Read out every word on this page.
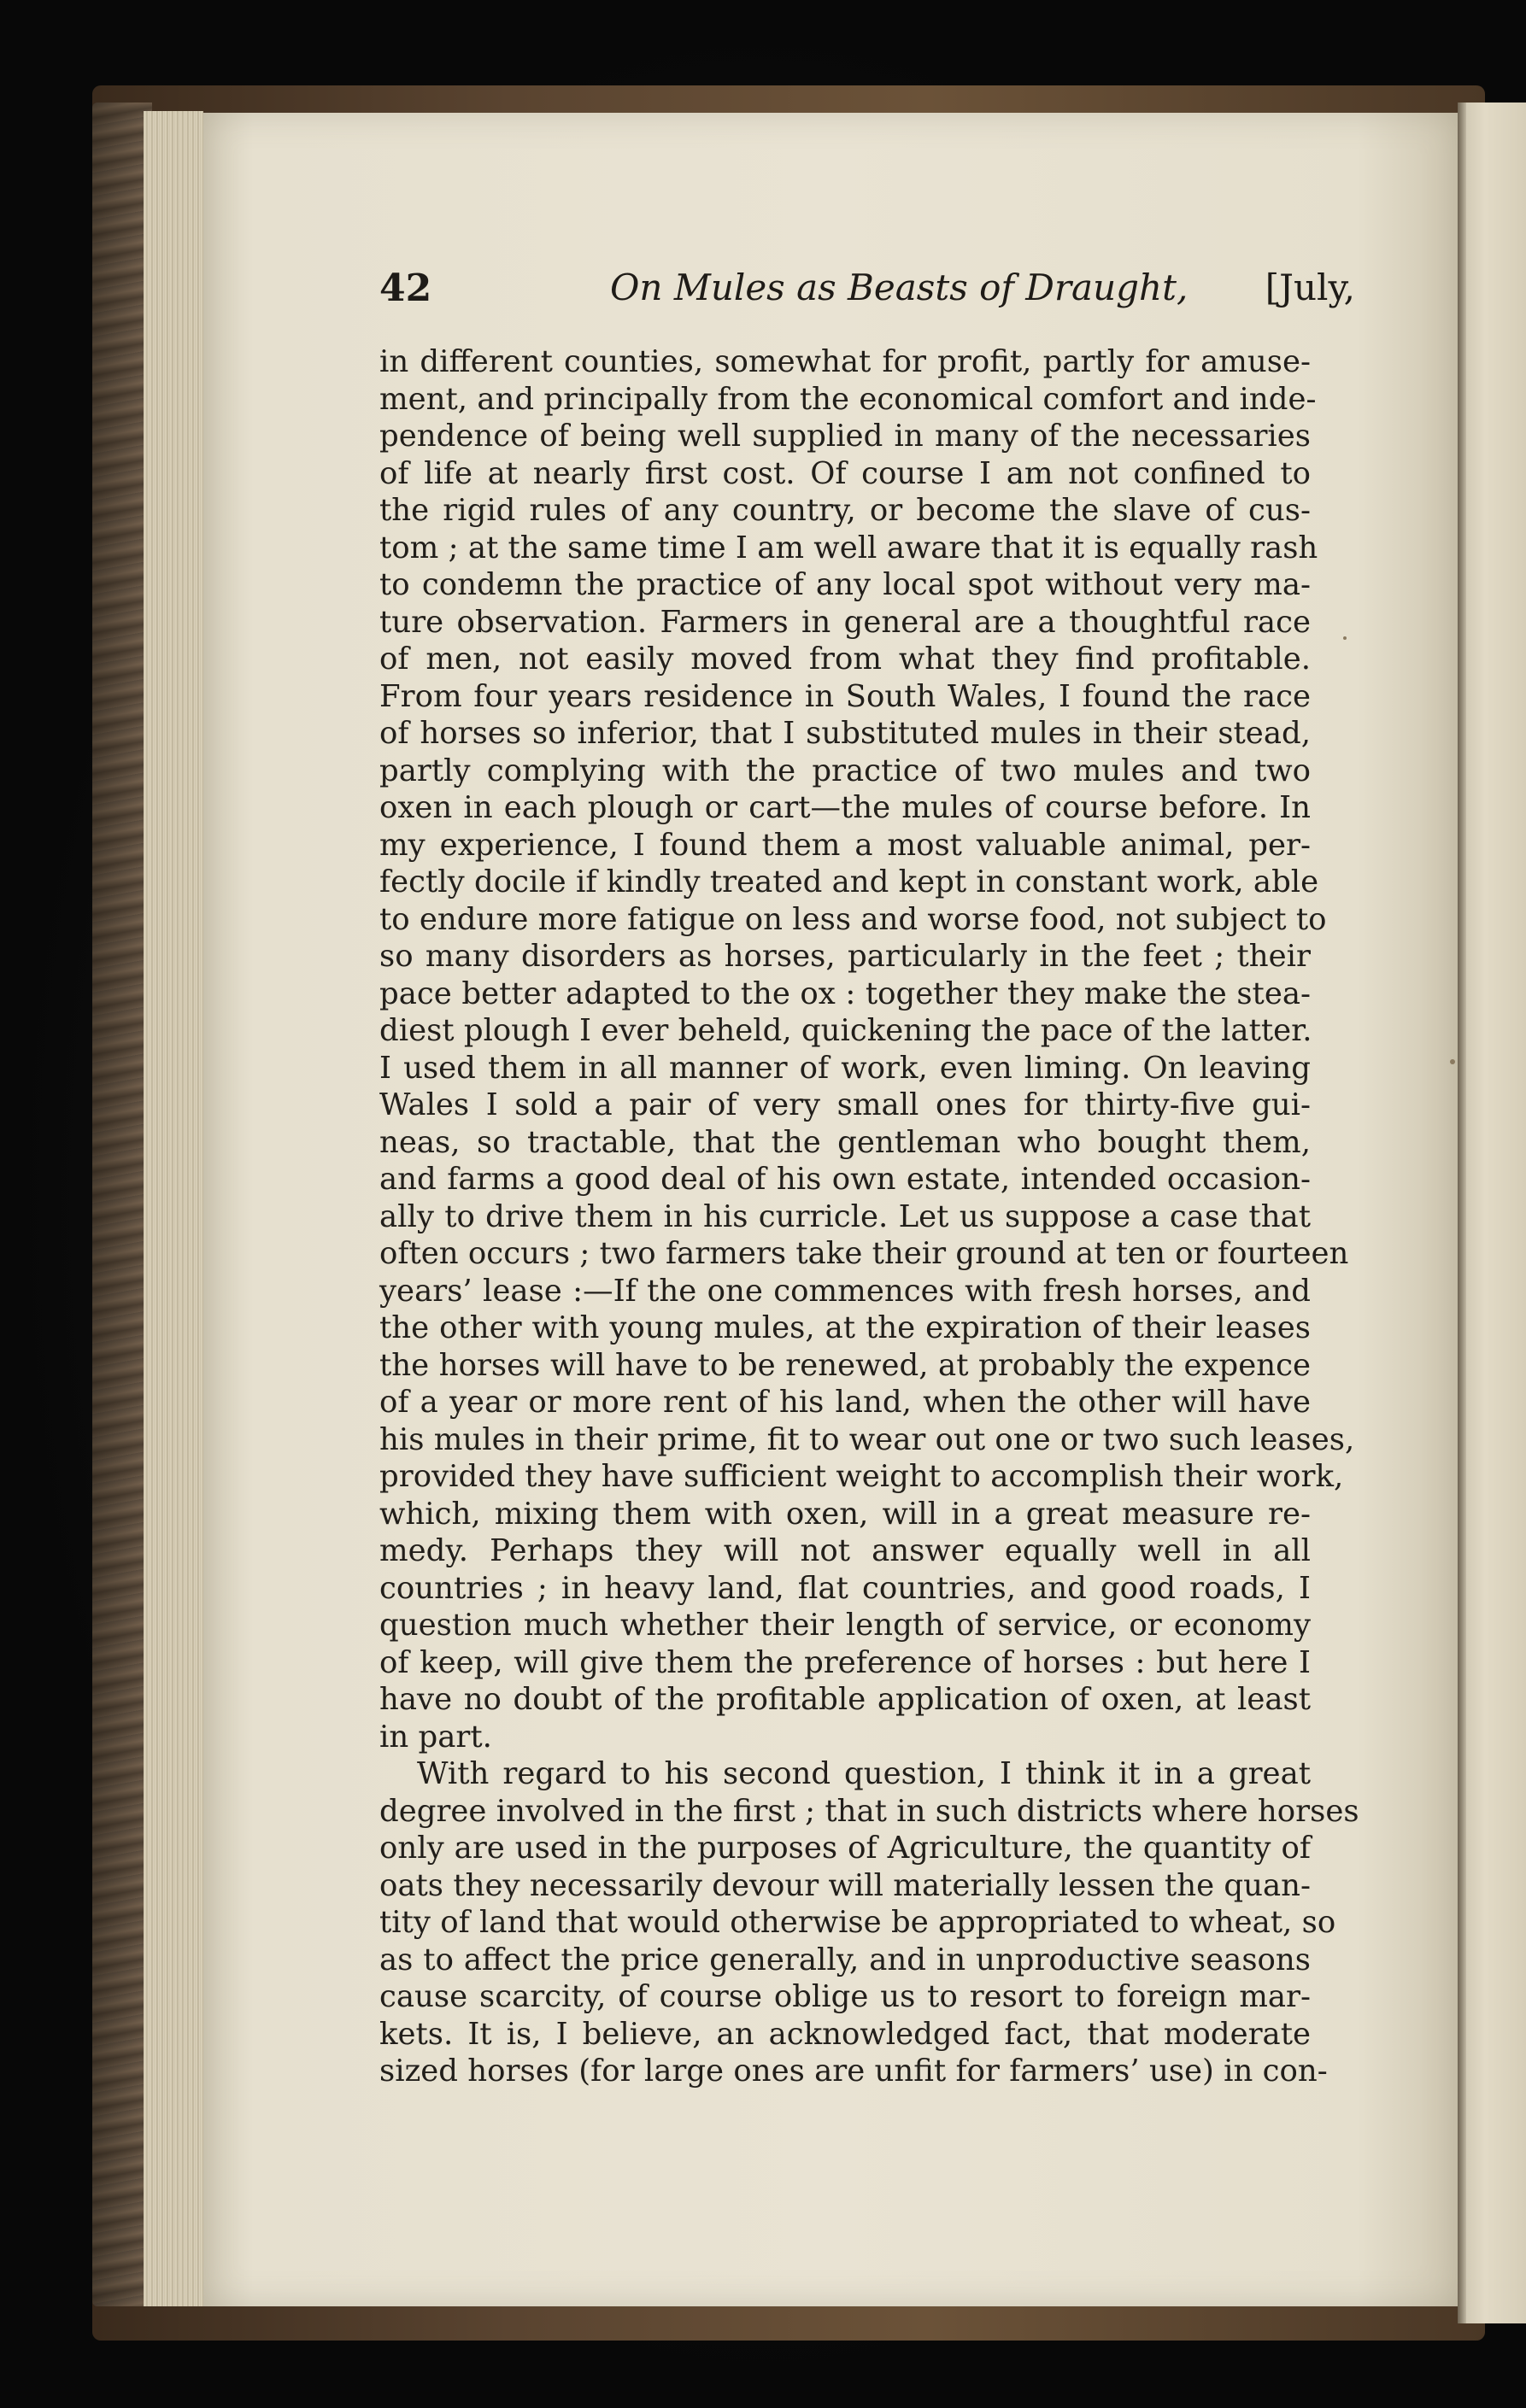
42	On Mules as Beasts of Draught, [July,
in different counties, somewhat for profit, partly for amuse-
ment, and principally from the economical comfort and inde-
pendence of being well supplied in many of the necessaries
of life at nearly first cost. Of course I am not confined to
the rigid rules of any country, or become the slave of cus-
tom ; at the same time I am well aware that it is equally rash
to condemn the practice of any local spot without very ma-
ture observation. Farmers in general are a thoughtful race
of men, not easily moved from what they find profitable.
From four years residence in South Wales, I found the race
of horses so inferior, that I substituted mules in their stead,
partly complying with the practice of two mules and two
oxen in each plough or cart—the mules of course before. In
my experience, I found them a most valuable animal, per-
fectly docile if kindly treated and kept in constant work, able
to endure more fatigue on less and worse food, not subject to
so many disorders as horses, particularly in the feet ; their
pace better adapted to the ox : together they make the stea-
diest plough I ever beheld, quickening the pace of the latter.
I used them in all manner of work, even liming. On leaving
Wales I sold a pair of very small ones for thirty-five gui-
neas, so tractable, that the gentleman who bought them,
and farms a good deal of his own estate, intended occasion-
ally to drive them in his curricle. Let us suppose a case that
often occurs ; two farmers take their ground at ten or fourteen
years’ lease :—If the one commences with fresh horses, and
the other with young mules, at the expiration of their leases
the horses will have to be renewed, at probably the expence
of a year or more rent of his land, when the other will have
his mules in their prime, fit to wear out one or two such leases,
provided they have sufficient weight to accomplish their work,
which, mixing them with oxen, will in a great measure re-
medy. Perhaps they will not answer equally well in all
countries ; in heavy land, flat countries, and good roads, I
question much whether their length of service, or economy
of keep, will give them the preference of horses : but here I
have no doubt of the profitable application of oxen, at least
in part.
With regard to his second question, I think it in a great
degree involved in the first ; that in such districts where horses
only are used in the purposes of Agriculture, the quantity of
oats they necessarily devour will materially lessen the quan-
tity of land that would otherwise be appropriated to wheat, so
as to affect the price generally, and in unproductive seasons
cause scarcity, of course oblige us to resort to foreign mar-
kets. It is, I believe, an acknowledged fact, that moderate
sized horses (for large ones are unfit for farmers’ use) in con-
